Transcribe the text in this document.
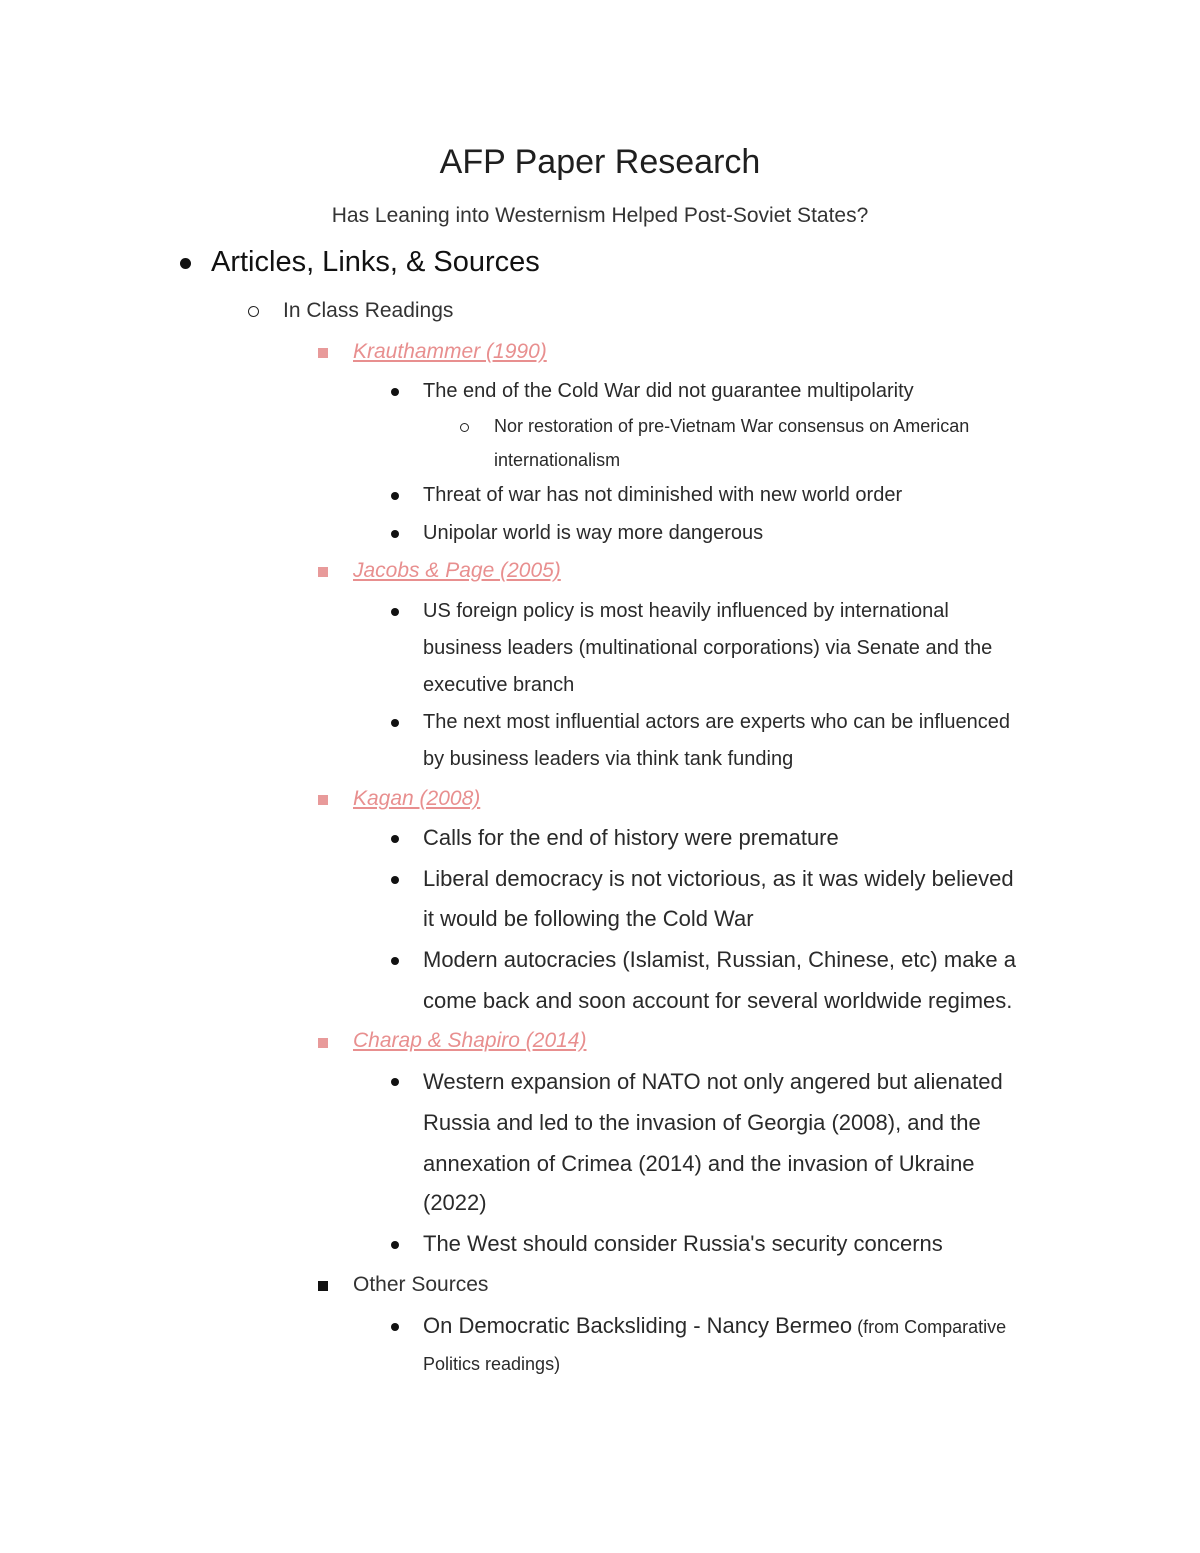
AFP Paper Research
Has Leaning into Westernism Helped Post-Soviet States?
Articles, Links, & Sources
In Class Readings
Krauthammer (1990)
The end of the Cold War did not guarantee multipolarity
Nor restoration of pre-Vietnam War consensus on American
internationalism
Threat of war has not diminished with new world order
Unipolar world is way more dangerous
Jacobs & Page (2005)
US foreign policy is most heavily influenced by international
business leaders (multinational corporations) via Senate and the
executive branch
The next most influential actors are experts who can be influenced
by business leaders via think tank funding
Kagan (2008)
Calls for the end of history were premature
Liberal democracy is not victorious, as it was widely believed
it would be following the Cold War
Modern autocracies (Islamist, Russian, Chinese, etc) make a
come back and soon account for several worldwide regimes.
Charap & Shapiro (2014)
Western expansion of NATO not only angered but alienated
Russia and led to the invasion of Georgia (2008), and the
annexation of Crimea (2014) and the invasion of Ukraine
(2022)
The West should consider Russia's security concerns
Other Sources
On Democratic Backsliding - Nancy Bermeo (from Comparative
Politics readings)
